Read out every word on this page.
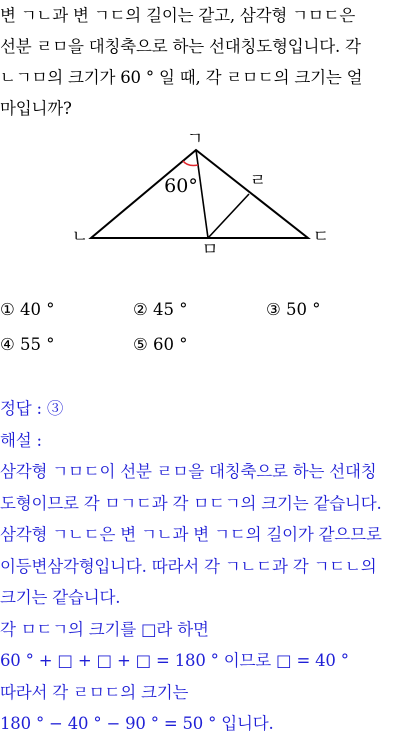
변 ㄱㄴ과 변 ㄱㄷ의 길이는 같고, 삼각형 ㄱㅁㄷ은

선분 ㄹㅁ을 대칭축으로 하는 선대칭도형입니다. 각

ㄴㄱㅁ의 크기가 60 ° 일 때, 각 ㄹㅁㄷ의 크기는 얼

마입니까?

ㄱ
ㄴ	ㄷ
ㅁ
ㄹ
60°
① 40 °	② 45 °	③ 50 °
④ 55 °	⑤ 60 °

정답 : ③

해설 :

삼각형 ㄱㅁㄷ이 선분 ㄹㅁ을 대칭축으로 하는 선대칭

도형이므로 각 ㅁㄱㄷ과 각 ㅁㄷㄱ의 크기는 같습니다.

삼각형 ㄱㄴㄷ은 변 ㄱㄴ과 변 ㄱㄷ의 길이가 같으므로

이등변삼각형입니다. 따라서 각 ㄱㄴㄷ과 각 ㄱㄷㄴ의

크기는 같습니다.

각 ㅁㄷㄱ의 크기를 □라 하면

60 ° + □ + □ + □ = 180 ° 이므로 □ = 40 °

따라서 각 ㄹㅁㄷ의 크기는

180 ° − 40 ° − 90 ° = 50 ° 입니다.
